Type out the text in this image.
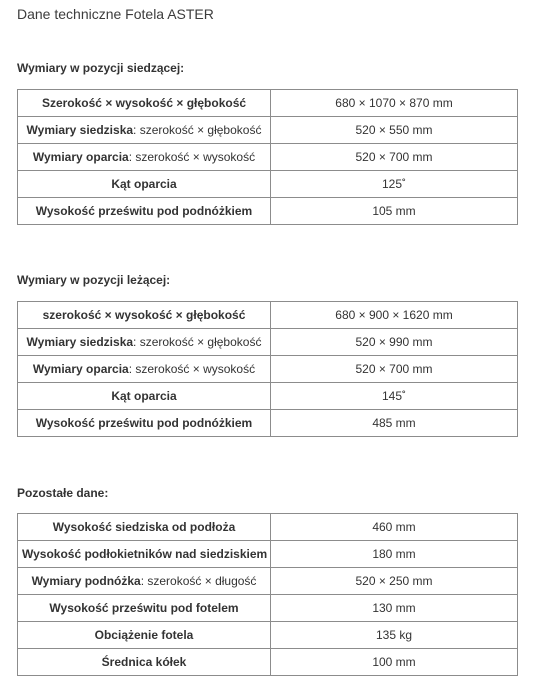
Dane techniczne Fotela ASTER
Wymiary w pozycji siedzącej:
Szerokość × wysokość × głębokość	680 × 1070 × 870 mm
Wymiary siedziska: szerokość × głębokość	520 × 550 mm
Wymiary oparcia: szerokość × wysokość	520 × 700 mm
Kąt oparcia	125˚
Wysokość prześwitu pod podnóżkiem	105 mm
Wymiary w pozycji leżącej:
szerokość × wysokość × głębokość	680 × 900 × 1620 mm
Wymiary siedziska: szerokość × głębokość	520 × 990 mm
Wymiary oparcia: szerokość × wysokość	520 × 700 mm
Kąt oparcia	145˚
Wysokość prześwitu pod podnóżkiem	485 mm
Pozostałe dane:
Wysokość siedziska od podłoża	460 mm
Wysokość podłokietników nad siedziskiem	180 mm
Wymiary podnóżka: szerokość × długość	520 × 250 mm
Wysokość prześwitu pod fotelem	130 mm
Obciążenie fotela	135 kg
Średnica kółek	100 mm
